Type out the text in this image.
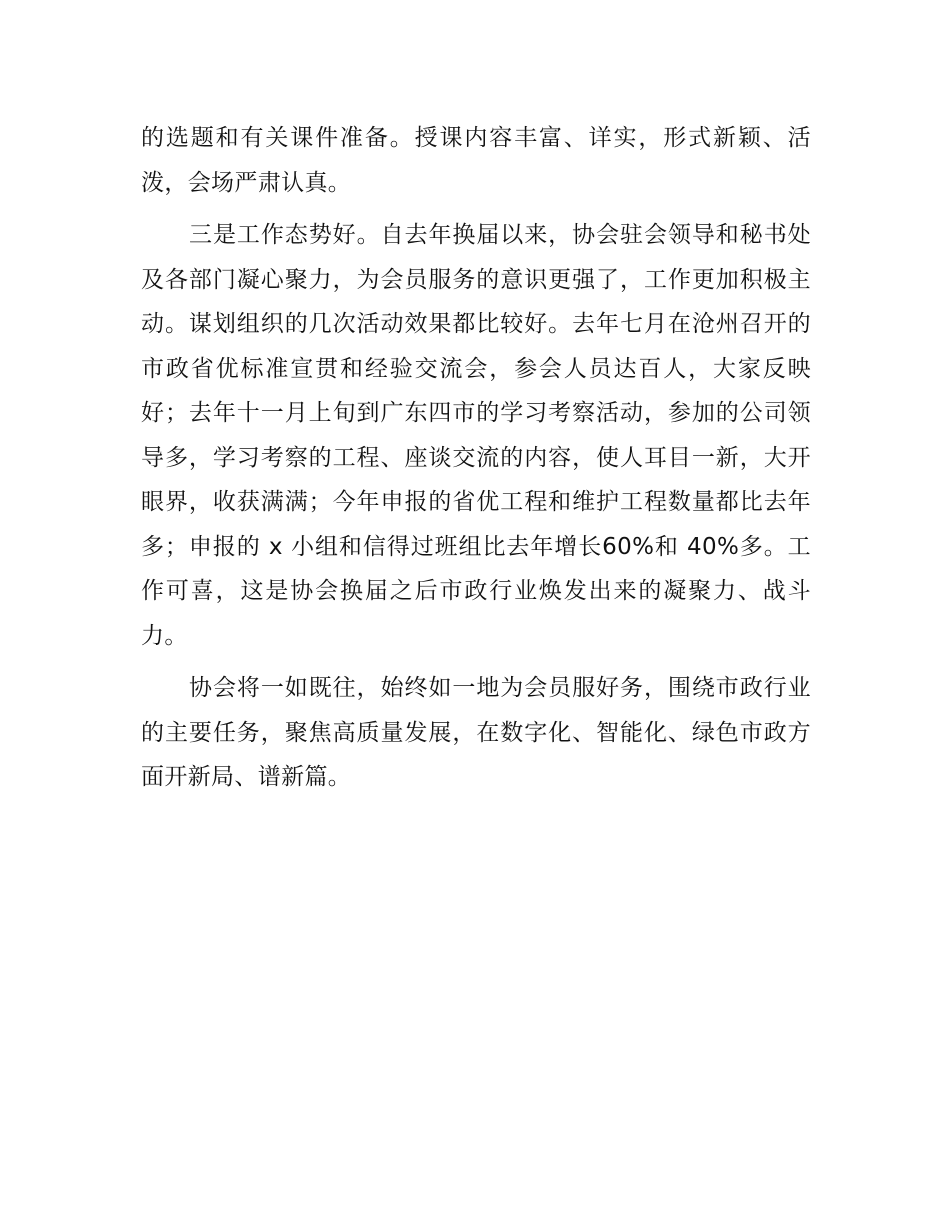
的选题和有关课件准备。授课内容丰富、详实，形式新颖、活泼，会场严肃认真。

三是工作态势好。自去年换届以来，协会驻会领导和秘书处及各部门凝心聚力，为会员服务的意识更强了，工作更加积极主动。谋划组织的几次活动效果都比较好。去年七月在沧州召开的市政省优标准宣贯和经验交流会，参会人员达百人，大家反映好；去年十一月上旬到广东四市的学习考察活动，参加的公司领导多，学习考察的工程、座谈交流的内容，使人耳目一新，大开眼界，收获满满；今年申报的省优工程和维护工程数量都比去年多；申报的 x 小组和信得过班组比去年增长60%和 40%多。工作可喜，这是协会换届之后市政行业焕发出来的凝聚力、战斗力。

协会将一如既往，始终如一地为会员服好务，围绕市政行业的主要任务，聚焦高质量发展，在数字化、智能化、绿色市政方面开新局、谱新篇。
